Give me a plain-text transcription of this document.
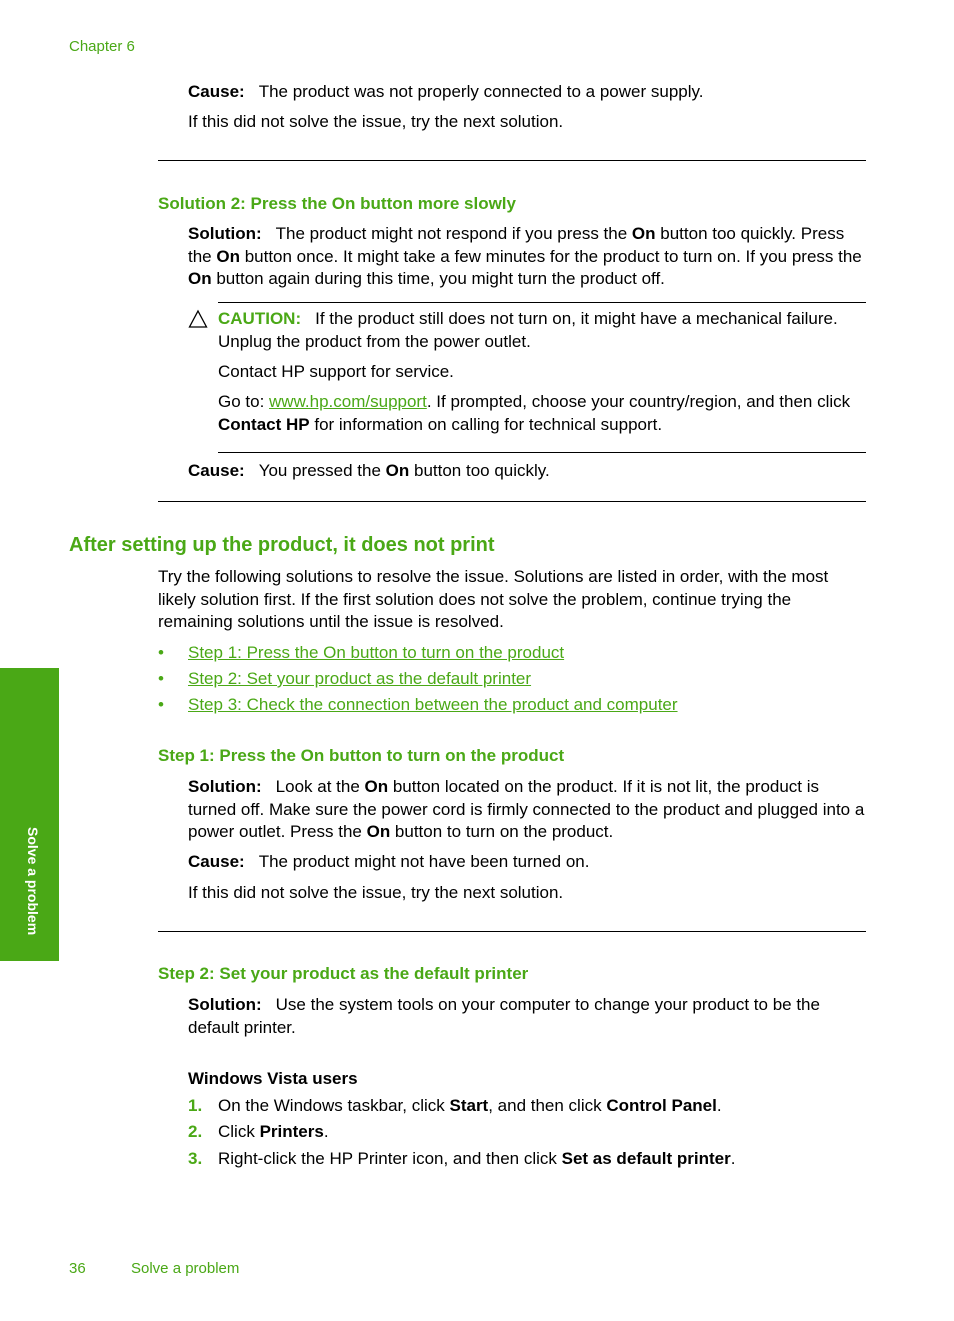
Chapter 6
Cause: The product was not properly connected to a power supply.
If this did not solve the issue, try the next solution.
Solution 2: Press the On button more slowly
Solution: The product might not respond if you press the On button too quickly. Press the On button once. It might take a few minutes for the product to turn on. If you press the On button again during this time, you might turn the product off.
CAUTION: If the product still does not turn on, it might have a mechanical failure. Unplug the product from the power outlet.
Contact HP support for service.
Go to: www.hp.com/support. If prompted, choose your country/region, and then click Contact HP for information on calling for technical support.
Cause: You pressed the On button too quickly.
After setting up the product, it does not print
Try the following solutions to resolve the issue. Solutions are listed in order, with the most likely solution first. If the first solution does not solve the problem, continue trying the remaining solutions until the issue is resolved.
• Step 1: Press the On button to turn on the product
• Step 2: Set your product as the default printer
• Step 3: Check the connection between the product and computer
Step 1: Press the On button to turn on the product
Solution: Look at the On button located on the product. If it is not lit, the product is turned off. Make sure the power cord is firmly connected to the product and plugged into a power outlet. Press the On button to turn on the product.
Cause: The product might not have been turned on.
If this did not solve the issue, try the next solution.
Step 2: Set your product as the default printer
Solution: Use the system tools on your computer to change your product to be the default printer.
Windows Vista users
1. On the Windows taskbar, click Start, and then click Control Panel.
2. Click Printers.
3. Right-click the HP Printer icon, and then click Set as default printer.
Solve a problem
36	Solve a problem
